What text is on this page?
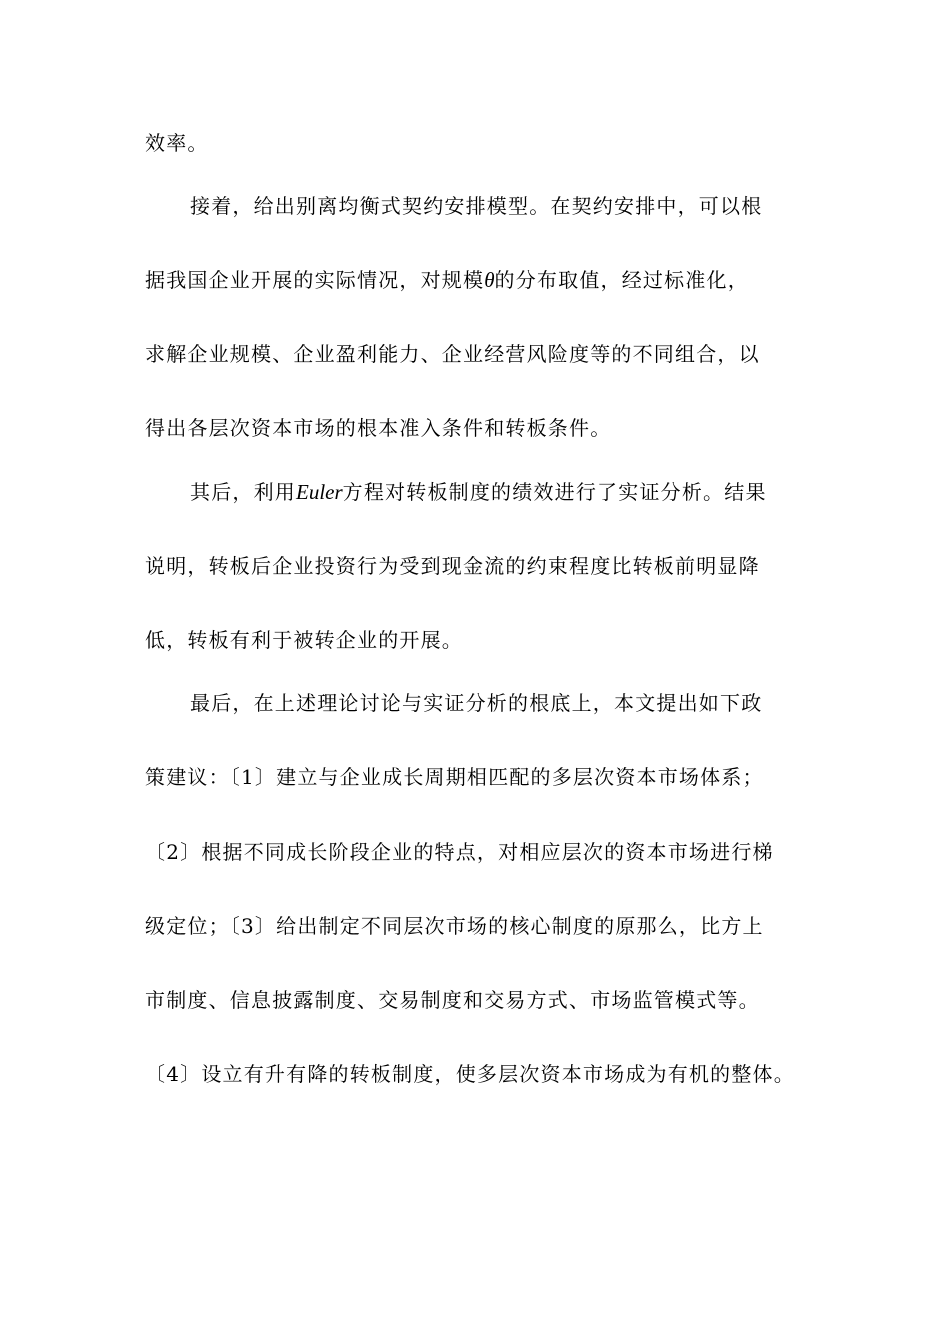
效率。
接着，给出别离均衡式契约安排模型。在契约安排中，可以根
据我国企业开展的实际情况，对规模θ的分布取值，经过标准化，
求解企业规模、企业盈利能力、企业经营风险度等的不同组合，以
得出各层次资本市场的根本准入条件和转板条件。
其后，利用Euler方程对转板制度的绩效进行了实证分析。结果
说明，转板后企业投资行为受到现金流的约束程度比转板前明显降
低，转板有利于被转企业的开展。
最后，在上述理论讨论与实证分析的根底上，本文提出如下政
策建议：〔1〕建立与企业成长周期相匹配的多层次资本市场体系；
〔2〕根据不同成长阶段企业的特点，对相应层次的资本市场进行梯
级定位；〔3〕给出制定不同层次市场的核心制度的原那么，比方上
市制度、信息披露制度、交易制度和交易方式、市场监管模式等。
〔4〕设立有升有降的转板制度，使多层次资本市场成为有机的整体。
